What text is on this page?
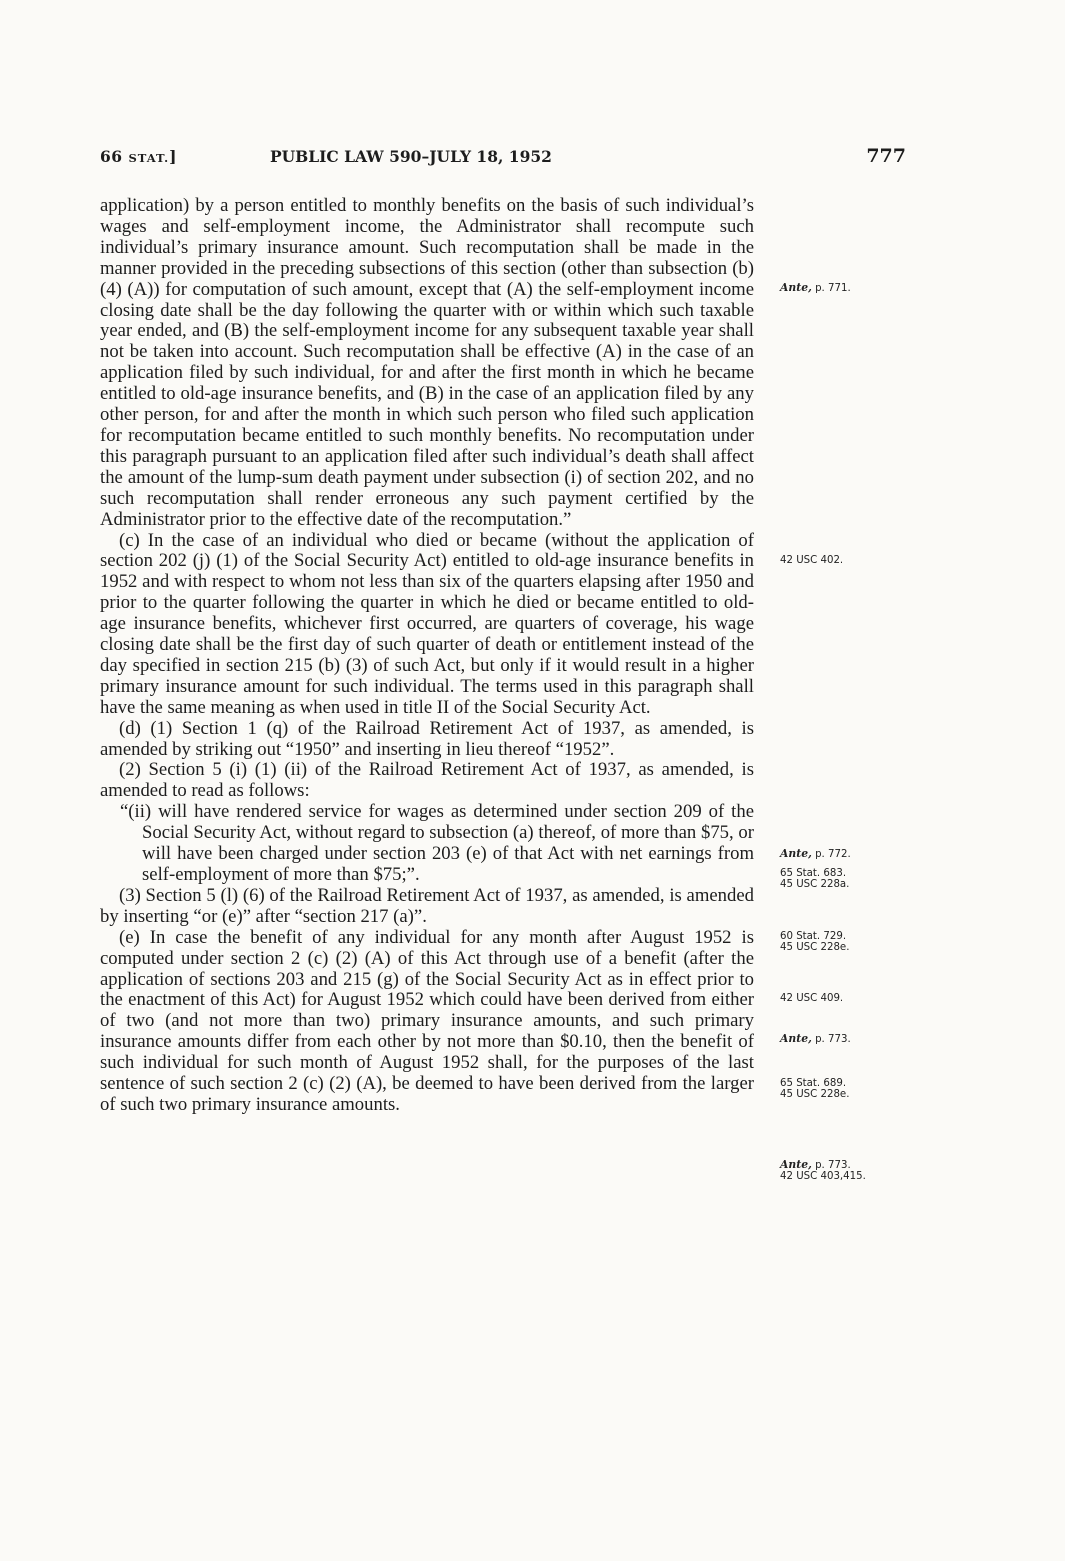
66 STAT.]	PUBLIC LAW 590–JULY 18, 1952	777

application) by a person entitled to monthly benefits on the basis of such individual’s wages and self-employment income, the Administrator shall recompute such individual’s primary insurance amount. Such recomputation shall be made in the manner provided in the preceding subsections of this section (other than subsection (b) (4) (A)) for computation of such amount, except that (A) the self-employment income closing date shall be the day following the quarter with or within which such taxable year ended, and (B) the self-employment income for any subsequent taxable year shall not be taken into account. Such recomputation shall be effective (A) in the case of an application filed by such individual, for and after the first month in which he became entitled to old-age insurance benefits, and (B) in the case of an application filed by any other person, for and after the month in which such person who filed such application for recomputation became entitled to such monthly benefits. No recomputation under this paragraph pursuant to an application filed after such individual’s death shall affect the amount of the lump-sum death payment under subsection (i) of section 202, and no such recomputation shall render erroneous any such payment certified by the Administrator prior to the effective date of the recomputation.”

(c) In the case of an individual who died or became (without the application of section 202 (j) (1) of the Social Security Act) entitled to old-age insurance benefits in 1952 and with respect to whom not less than six of the quarters elapsing after 1950 and prior to the quarter following the quarter in which he died or became entitled to old-age insurance benefits, whichever first occurred, are quarters of coverage, his wage closing date shall be the first day of such quarter of death or entitlement instead of the day specified in section 215 (b) (3) of such Act, but only if it would result in a higher primary insurance amount for such individual. The terms used in this paragraph shall have the same meaning as when used in title II of the Social Security Act.

(d) (1) Section 1 (q) of the Railroad Retirement Act of 1937, as amended, is amended by striking out “1950” and inserting in lieu thereof “1952”.

(2) Section 5 (i) (1) (ii) of the Railroad Retirement Act of 1937, as amended, is amended to read as follows:

“(ii) will have rendered service for wages as determined under section 209 of the Social Security Act, without regard to subsection (a) thereof, of more than $75, or will have been charged under section 203 (e) of that Act with net earnings from self-employment of more than $75;”.

(3) Section 5 (l) (6) of the Railroad Retirement Act of 1937, as amended, is amended by inserting “or (e)” after “section 217 (a)”.

(e) In case the benefit of any individual for any month after August 1952 is computed under section 2 (c) (2) (A) of this Act through use of a benefit (after the application of sections 203 and 215 (g) of the Social Security Act as in effect prior to the enactment of this Act) for August 1952 which could have been derived from either of two (and not more than two) primary insurance amounts, and such primary insurance amounts differ from each other by not more than $0.10, then the benefit of such individual for such month of August 1952 shall, for the purposes of the last sentence of such section 2 (c) (2) (A), be deemed to have been derived from the larger of such two primary insurance amounts.

Ante, p. 771.
42 USC 402.
Ante, p. 772.
65 Stat. 683.
45 USC 228a.
60 Stat. 729.
45 USC 228e.
42 USC 409.
Ante, p. 773.
65 Stat. 689.
45 USC 228e.
Ante, p. 773.
42 USC 403,415.
